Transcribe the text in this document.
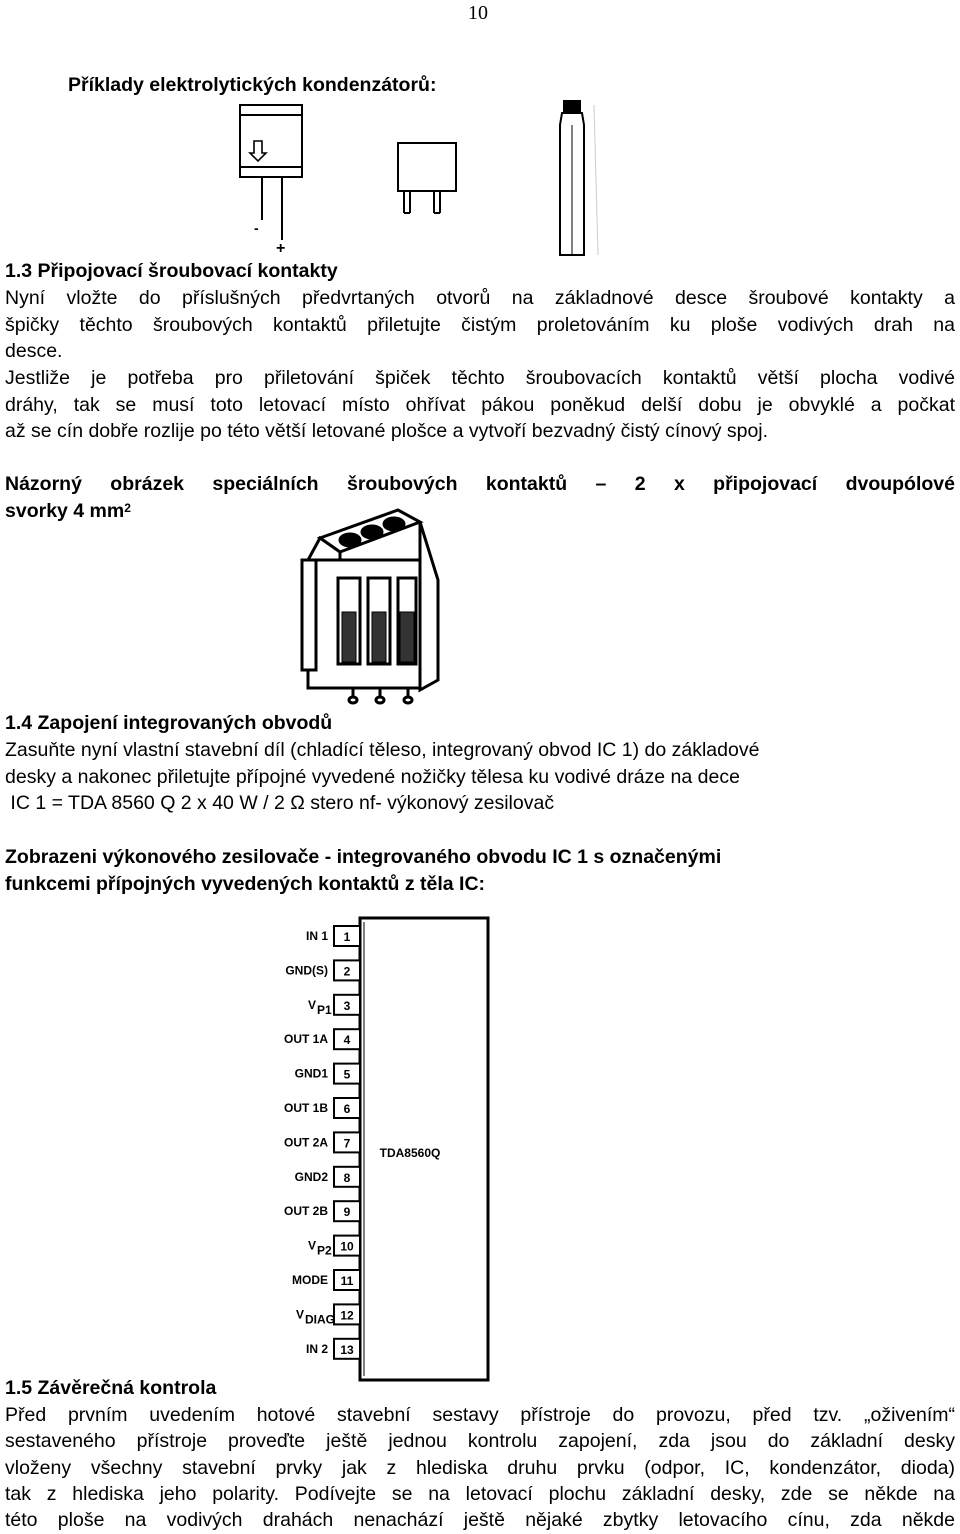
10
Příklady elektrolytických kondenzátorů:
-
+
1.3 Připojovací šroubovací kontakty
Nyní vložte do příslušných předvrtaných otvorů na základnové desce šroubové kontakty a
špičky těchto šroubových kontaktů přiletujte čistým proletováním ku ploše vodivých drah na
desce.
Jestliže je potřeba pro přiletování špiček těchto šroubovacích kontaktů větší plocha vodivé
dráhy, tak se musí toto letovací místo ohřívat pákou poněkud delší dobu je obvyklé a počkat
až se cín dobře rozlije po této větší letované plošce a vytvoří bezvadný čistý cínový spoj.
Názorný obrázek speciálních šroubových kontaktů – 2 x připojovací dvoupólové
svorky 4 $mm^2$
1.4 Zapojení integrovaných obvodů
Zasuňte nyní vlastní stavební díl (chladící těleso, integrovaný obvod IC 1) do základové
desky a nakonec přiletujte přípojné vyvedené nožičky tělesa ku vodivé dráze na dece
IC 1 = TDA 8560 Q 2 x 40 W / 2 Ω stero nf- výkonový zesilovač
Zobrazeni výkonového zesilovače - integrovaného obvodu IC 1 s označenými
funkcemi přípojných vyvedených kontaktů z těla IC:
TDA8560Q
1
IN 1
2
GND(S)
3
V P1
4
OUT 1A
5
GND1
6
OUT 1B
7
OUT 2A
8
GND2
9
OUT 2B
10
V P2
11
MODE
12
V DIAG
13
IN 2
1.5 Závěrečná kontrola
Před prvním uvedením hotové stavební sestavy přístroje do provozu, před tzv. „oživením“
sestaveného přístroje proveďte ještě jednou kontrolu zapojení, zda jsou do základní desky
vloženy všechny stavební prvky jak z hlediska druhu prvku (odpor, IC, kondenzátor, dioda)
tak z hlediska jeho polarity. Podívejte se na letovací plochu základní desky, zde se někde na
této ploše na vodivých drahách nenachází ještě nějaké zbytky letovacího cínu, zda někde
